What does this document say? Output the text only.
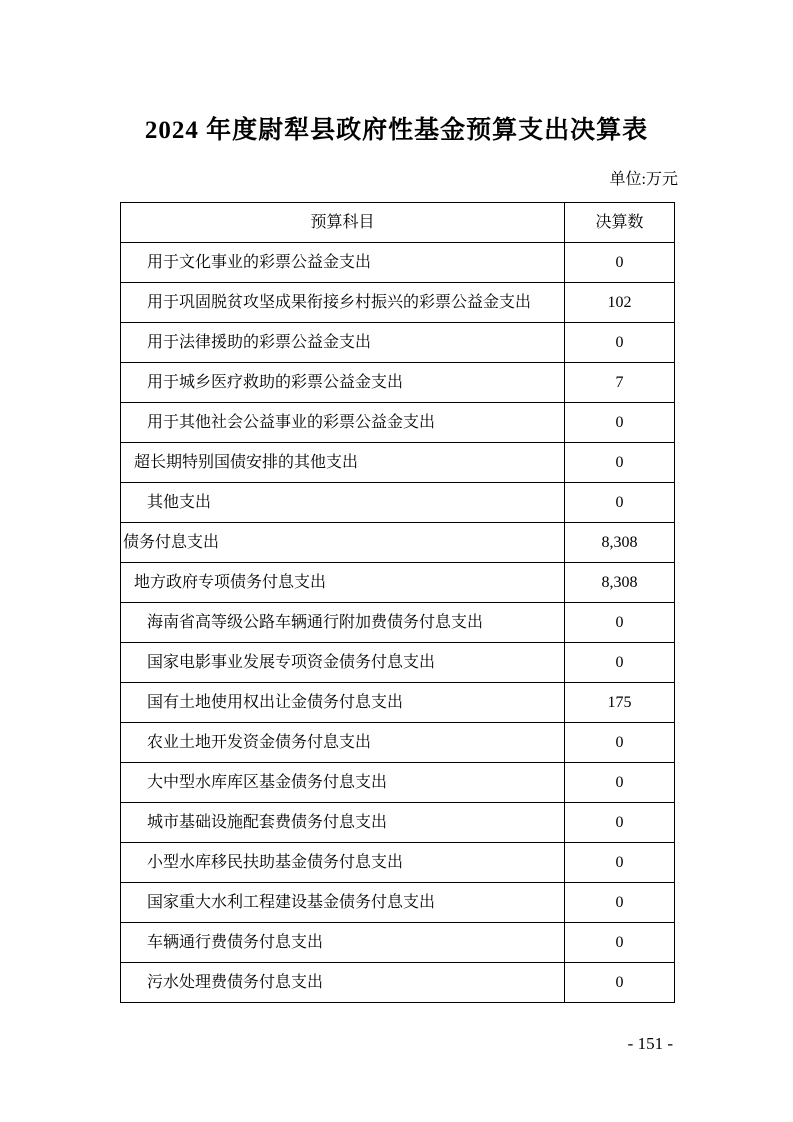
2024 年度尉犁县政府性基金预算支出决算表
单位:万元
预算科目	决算数
用于文化事业的彩票公益金支出	0
用于巩固脱贫攻坚成果衔接乡村振兴的彩票公益金支出	102
用于法律援助的彩票公益金支出	0
用于城乡医疗救助的彩票公益金支出	7
用于其他社会公益事业的彩票公益金支出	0
超长期特别国债安排的其他支出	0
其他支出	0
债务付息支出	8,308
地方政府专项债务付息支出	8,308
海南省高等级公路车辆通行附加费债务付息支出	0
国家电影事业发展专项资金债务付息支出	0
国有土地使用权出让金债务付息支出	175
农业土地开发资金债务付息支出	0
大中型水库库区基金债务付息支出	0
城市基础设施配套费债务付息支出	0
小型水库移民扶助基金债务付息支出	0
国家重大水利工程建设基金债务付息支出	0
车辆通行费债务付息支出	0
污水处理费债务付息支出	0
- 151 -
